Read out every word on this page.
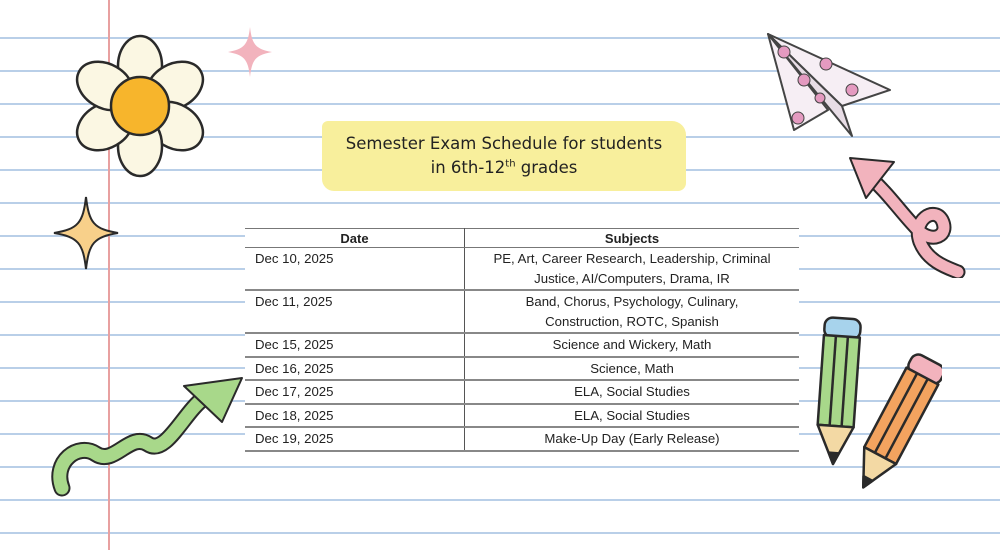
Semester Exam Schedule for students
in 6th-12th grades
Date	Subjects
Dec 10, 2025	PE, Art, Career Research, Leadership, Criminal
Justice, AI/Computers, Drama, IR

Dec 11, 2025	Band, Chorus, Psychology, Culinary,
Construction, ROTC, Spanish

Dec 15, 2025	Science and Wickery, Math
Dec 16, 2025	Science, Math
Dec 17, 2025	ELA, Social Studies
Dec 18, 2025	ELA, Social Studies
Dec 19, 2025	Make-Up Day (Early Release)
